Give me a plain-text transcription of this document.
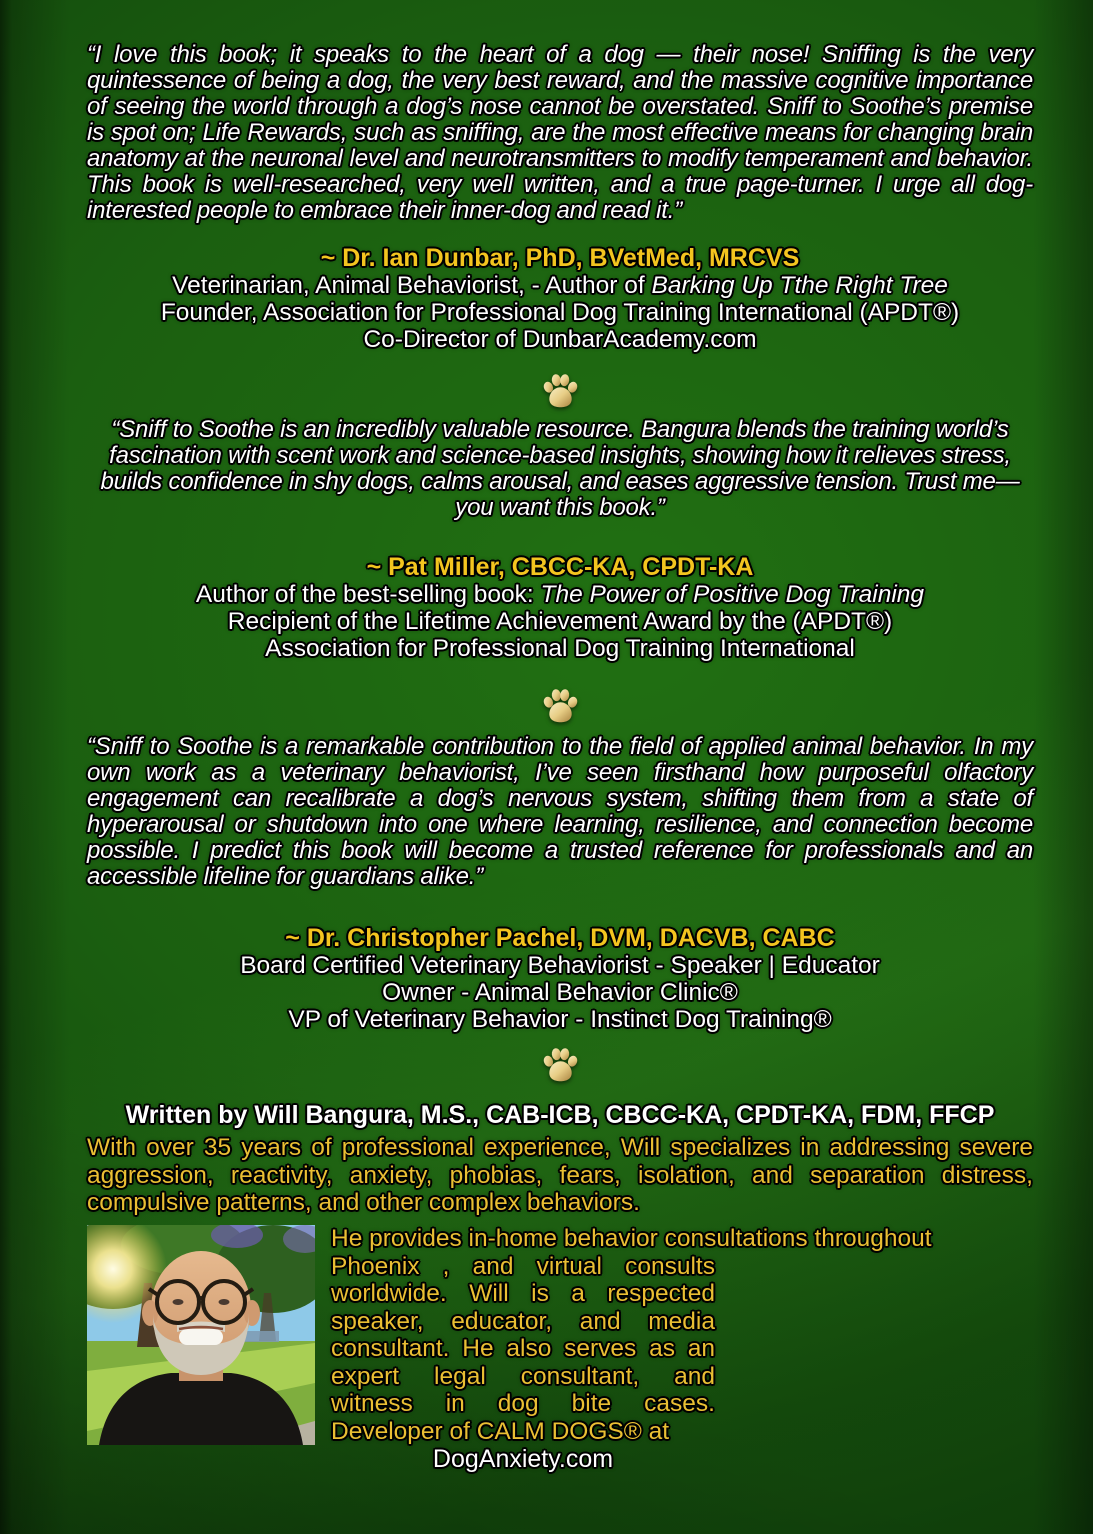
“I love this book; it speaks to the heart of a dog — their nose! Sniffing is the very quintessence of being a dog, the very best reward, and the massive cognitive importance of seeing the world through a dog’s nose cannot be overstated. Sniff to Soothe’s premise is spot on; Life Rewards, such as sniffing, are the most effective means for changing brain anatomy at the neuronal level and neurotransmitters to modify temperament and behavior. This book is well-researched, very well written, and a true page-turner. I urge all dog-interested people to embrace their inner-dog and read it.”

~ Dr. Ian Dunbar, PhD, BVetMed, MRCVS
Veterinarian, Animal Behaviorist, - Author of Barking Up Tthe Right Tree
Founder, Association for Professional Dog Training International (APDT®)
Co-Director of DunbarAcademy.com

“Sniff to Soothe is an incredibly valuable resource. Bangura blends the training world’s fascination with scent work and science-based insights, showing how it relieves stress, builds confidence in shy dogs, calms arousal, and eases aggressive tension. Trust me—you want this book.”

~ Pat Miller, CBCC-KA, CPDT-KA
Author of the best-selling book: The Power of Positive Dog Training
Recipient of the Lifetime Achievement Award by the (APDT®)
Association for Professional Dog Training International

“Sniff to Soothe is a remarkable contribution to the field of applied animal behavior. In my own work as a veterinary behaviorist, I’ve seen firsthand how purposeful olfactory engagement can recalibrate a dog’s nervous system, shifting them from a state of hyperarousal or shutdown into one where learning, resilience, and connection become possible. I predict this book will become a trusted reference for professionals and an accessible lifeline for guardians alike.”

~ Dr. Christopher Pachel, DVM, DACVB, CABC
Board Certified Veterinary Behaviorist - Speaker | Educator
Owner - Animal Behavior Clinic®
VP of Veterinary Behavior - Instinct Dog Training®
Written by Will Bangura, M.S., CAB-ICB, CBCC-KA, CPDT-KA, FDM, FFCP

With over 35 years of professional experience, Will specializes in addressing severe aggression, reactivity, anxiety, phobias, fears, isolation, and separation distress, compulsive patterns, and other complex behaviors.

He provides in-home behavior consultations throughout

Phoenix , and virtual consults worldwide. Will is a respected speaker, educator, and media consultant. He also serves as an expert legal consultant, and witness in dog bite cases. Developer of CALM DOGS® at

DogAnxiety.com
